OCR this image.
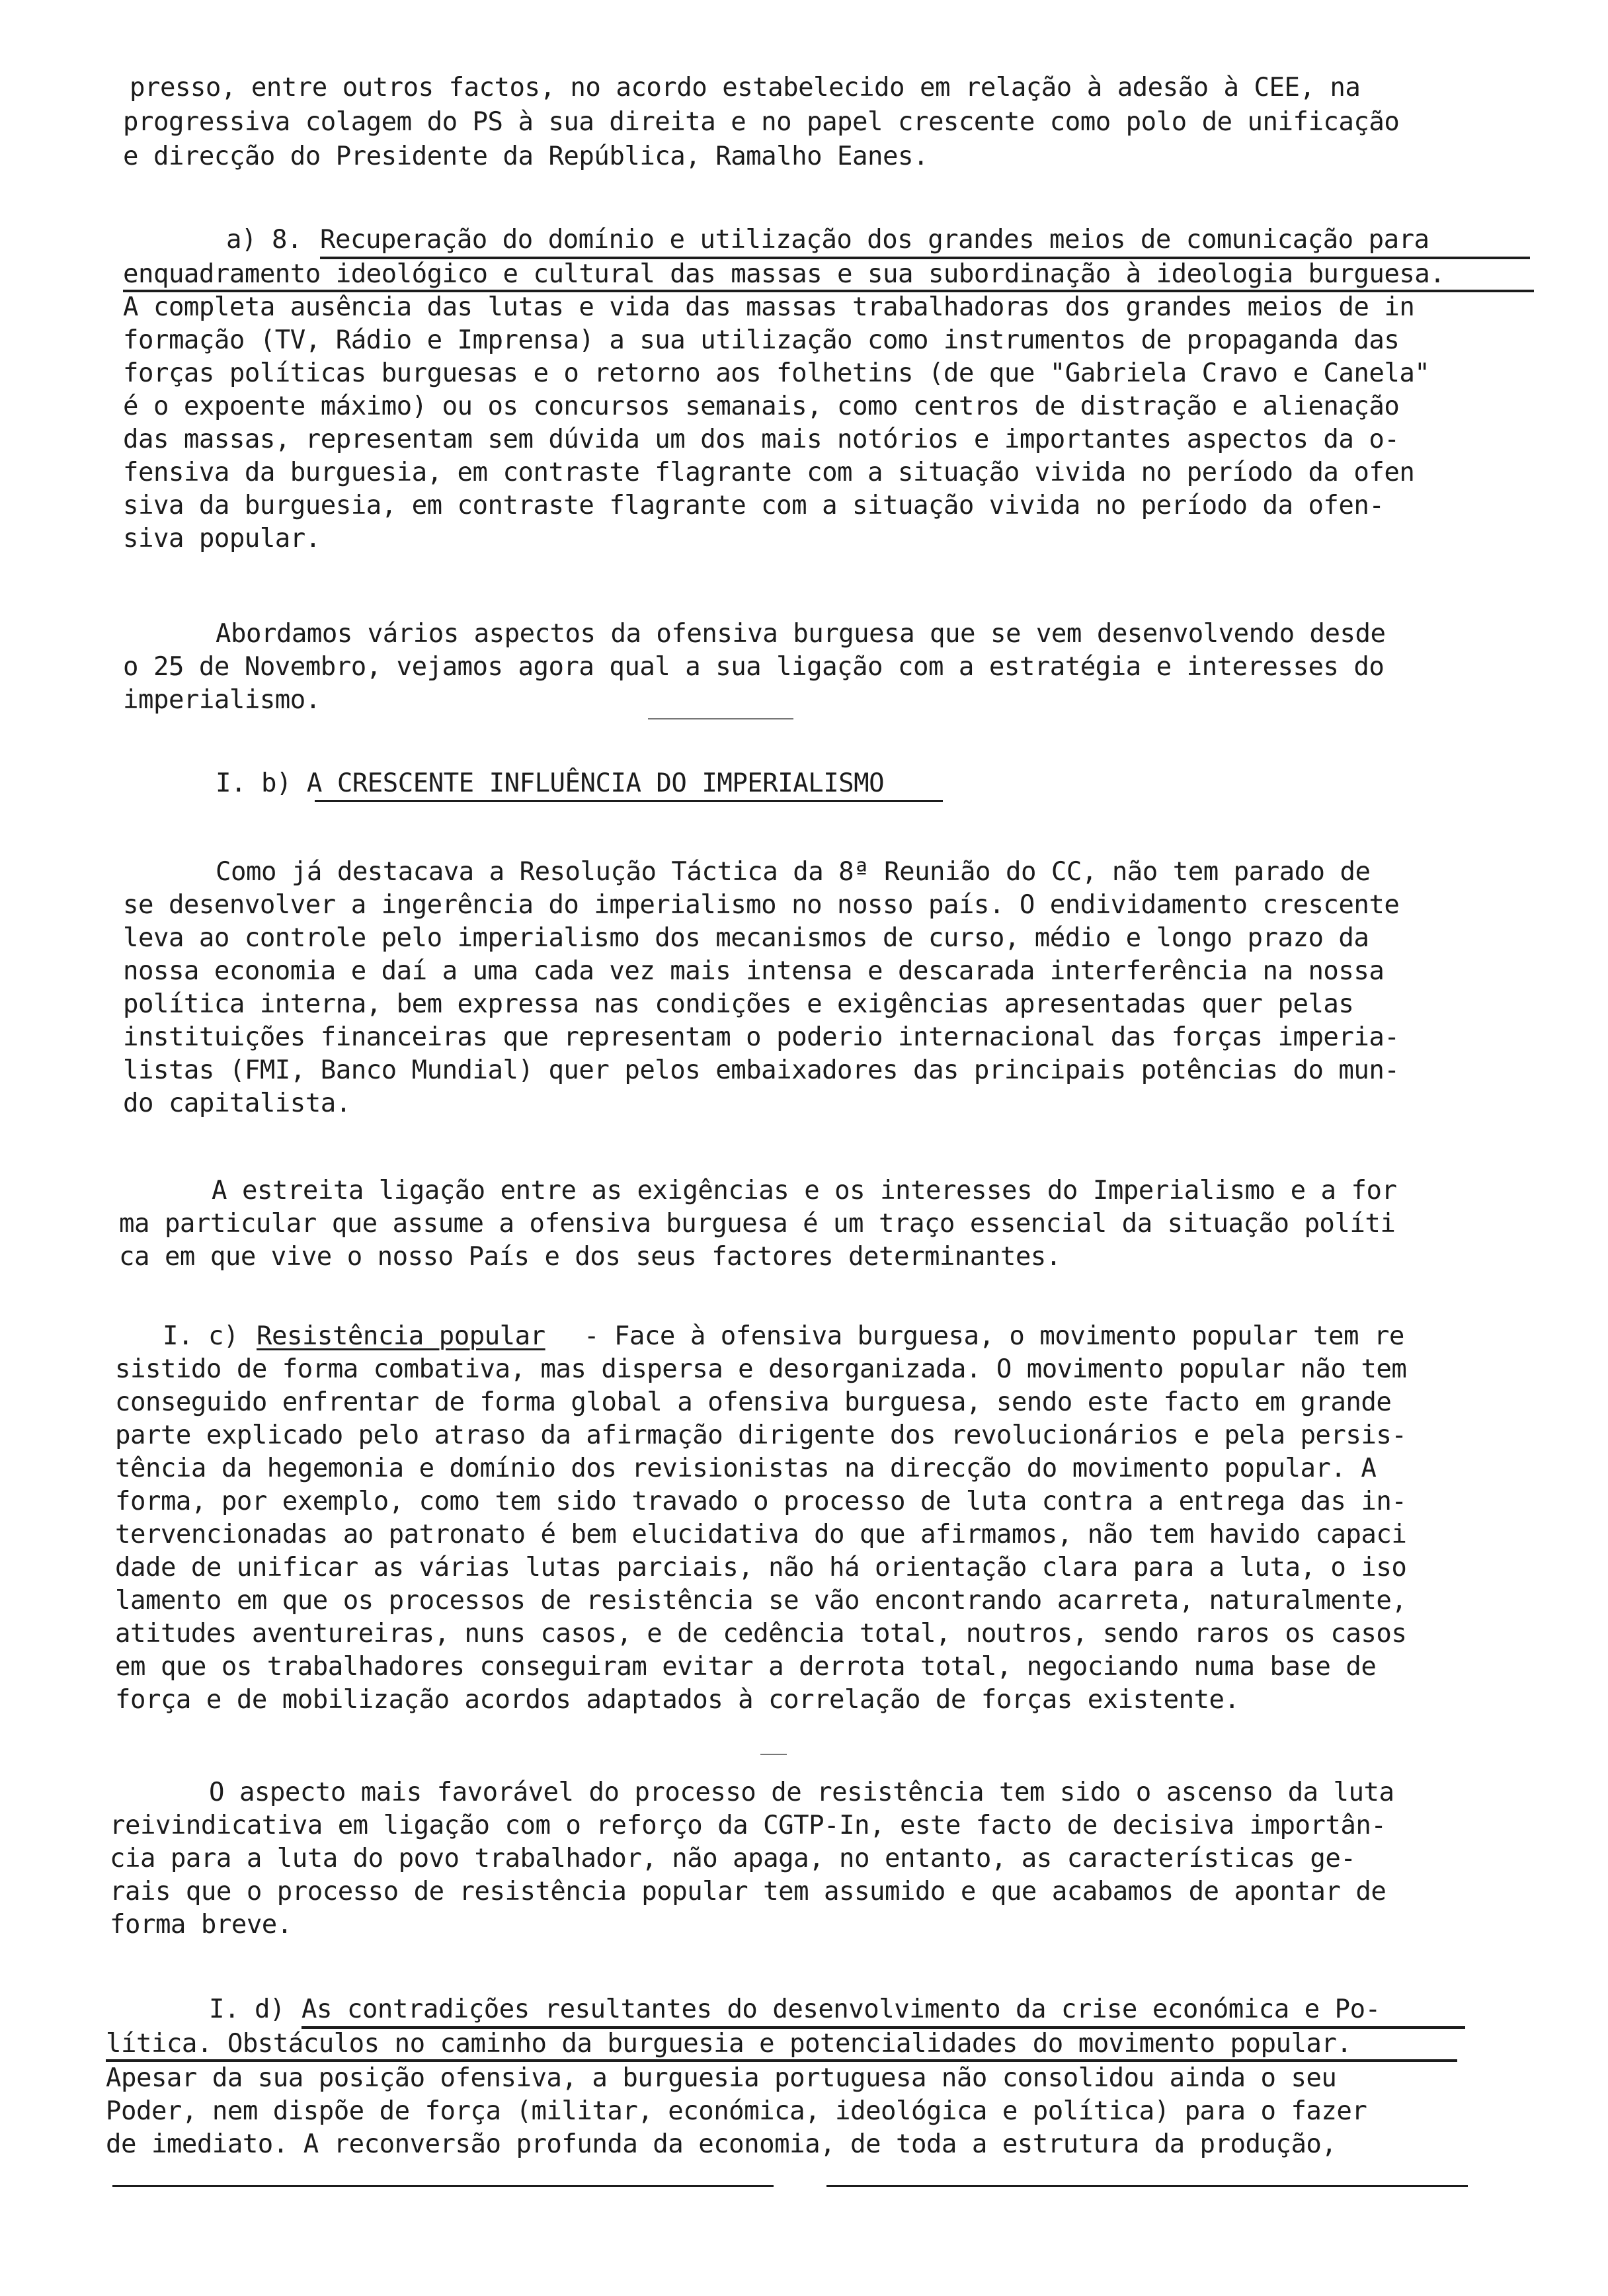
presso, entre outros factos, no acordo estabelecido em relação à adesão à CEE, na
progressiva colagem do PS à sua direita e no papel crescente como polo de unificação
e direcção do Presidente da República, Ramalho Eanes.
a) 8. Recuperação do domínio e utilização dos grandes meios de comunicação para
enquadramento ideológico e cultural das massas e sua subordinação à ideologia burguesa.
A completa ausência das lutas e vida das massas trabalhadoras dos grandes meios de in
formação (TV, Rádio e Imprensa) a sua utilização como instrumentos de propaganda das
forças políticas burguesas e o retorno aos folhetins (de que "Gabriela Cravo e Canela"
é o expoente máximo) ou os concursos semanais, como centros de distração e alienação
das massas, representam sem dúvida um dos mais notórios e importantes aspectos da o-
fensiva da burguesia, em contraste flagrante com a situação vivida no período da ofen
siva da burguesia, em contraste flagrante com a situação vivida no período da ofen-
siva popular.
Abordamos vários aspectos da ofensiva burguesa que se vem desenvolvendo desde
o 25 de Novembro, vejamos agora qual a sua ligação com a estratégia e interesses do
imperialismo.
I. b) A CRESCENTE INFLUÊNCIA DO IMPERIALISMO
Como já destacava a Resolução Táctica da 8ª Reunião do CC, não tem parado de
se desenvolver a ingerência do imperialismo no nosso país. O endividamento crescente
leva ao controle pelo imperialismo dos mecanismos de curso, médio e longo prazo da
nossa economia e daí a uma cada vez mais intensa e descarada interferência na nossa
política interna, bem expressa nas condições e exigências apresentadas quer pelas
instituições financeiras que representam o poderio internacional das forças imperia-
listas (FMI, Banco Mundial) quer pelos embaixadores das principais potências do mun-
do capitalista.
A estreita ligação entre as exigências e os interesses do Imperialismo e a for
ma particular que assume a ofensiva burguesa é um traço essencial da situação políti
ca em que vive o nosso País e dos seus factores determinantes.
I. c) Resistência popular - Face à ofensiva burguesa, o movimento popular tem re
sistido de forma combativa, mas dispersa e desorganizada. O movimento popular não tem
conseguido enfrentar de forma global a ofensiva burguesa, sendo este facto em grande
parte explicado pelo atraso da afirmação dirigente dos revolucionários e pela persis-
tência da hegemonia e domínio dos revisionistas na direcção do movimento popular. A
forma, por exemplo, como tem sido travado o processo de luta contra a entrega das in-
tervencionadas ao patronato é bem elucidativa do que afirmamos, não tem havido capaci
dade de unificar as várias lutas parciais, não há orientação clara para a luta, o iso
lamento em que os processos de resistência se vão encontrando acarreta, naturalmente,
atitudes aventureiras, nuns casos, e de cedência total, noutros, sendo raros os casos
em que os trabalhadores conseguiram evitar a derrota total, negociando numa base de
força e de mobilização acordos adaptados à correlação de forças existente.
O aspecto mais favorável do processo de resistência tem sido o ascenso da luta
reivindicativa em ligação com o reforço da CGTP-In, este facto de decisiva importân-
cia para a luta do povo trabalhador, não apaga, no entanto, as características ge-
rais que o processo de resistência popular tem assumido e que acabamos de apontar de
forma breve.
I. d) As contradições resultantes do desenvolvimento da crise económica e Po-
lítica. Obstáculos no caminho da burguesia e potencialidades do movimento popular.
Apesar da sua posição ofensiva, a burguesia portuguesa não consolidou ainda o seu
Poder, nem dispõe de força (militar, económica, ideológica e política) para o fazer
de imediato. A reconversão profunda da economia, de toda a estrutura da produção,
